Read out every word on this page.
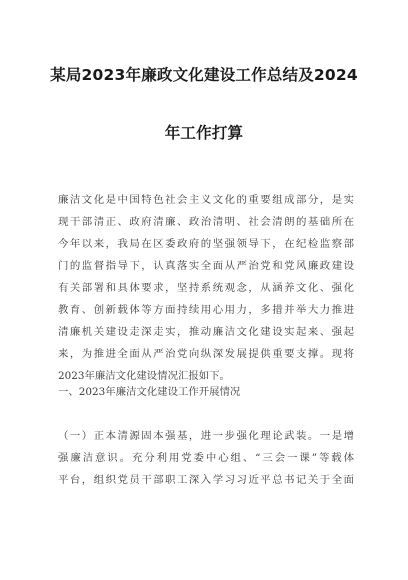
某局2023年廉政文化建设工作总结及2024
年工作打算
廉洁文化是中国特色社会主义文化的重要组成部分，是实
现干部清正、政府清廉、政治清明、社会清朗的基础所在
今年以来，我局在区委政府的坚强领导下，在纪检监察部
门的监督指导下，认真落实全面从严治党和党风廉政建设
有关部署和具体要求，坚持系统观念，从涵养文化、强化
教育、创新载体等方面持续用心用力，多措并举大力推进
清廉机关建设走深走实，推动廉洁文化建设实起来、强起
来，为推进全面从严治党向纵深发展提供重要支撑。现将
2023年廉洁文化建设情况汇报如下。
一、2023年廉洁文化建设工作开展情况
（一）正本清源固本强基，进一步强化理论武装。一是增
强廉洁意识。充分利用党委中心组、“三会一课”等载体
平台，组织党员干部职工深入学习习近平总书记关于全面
